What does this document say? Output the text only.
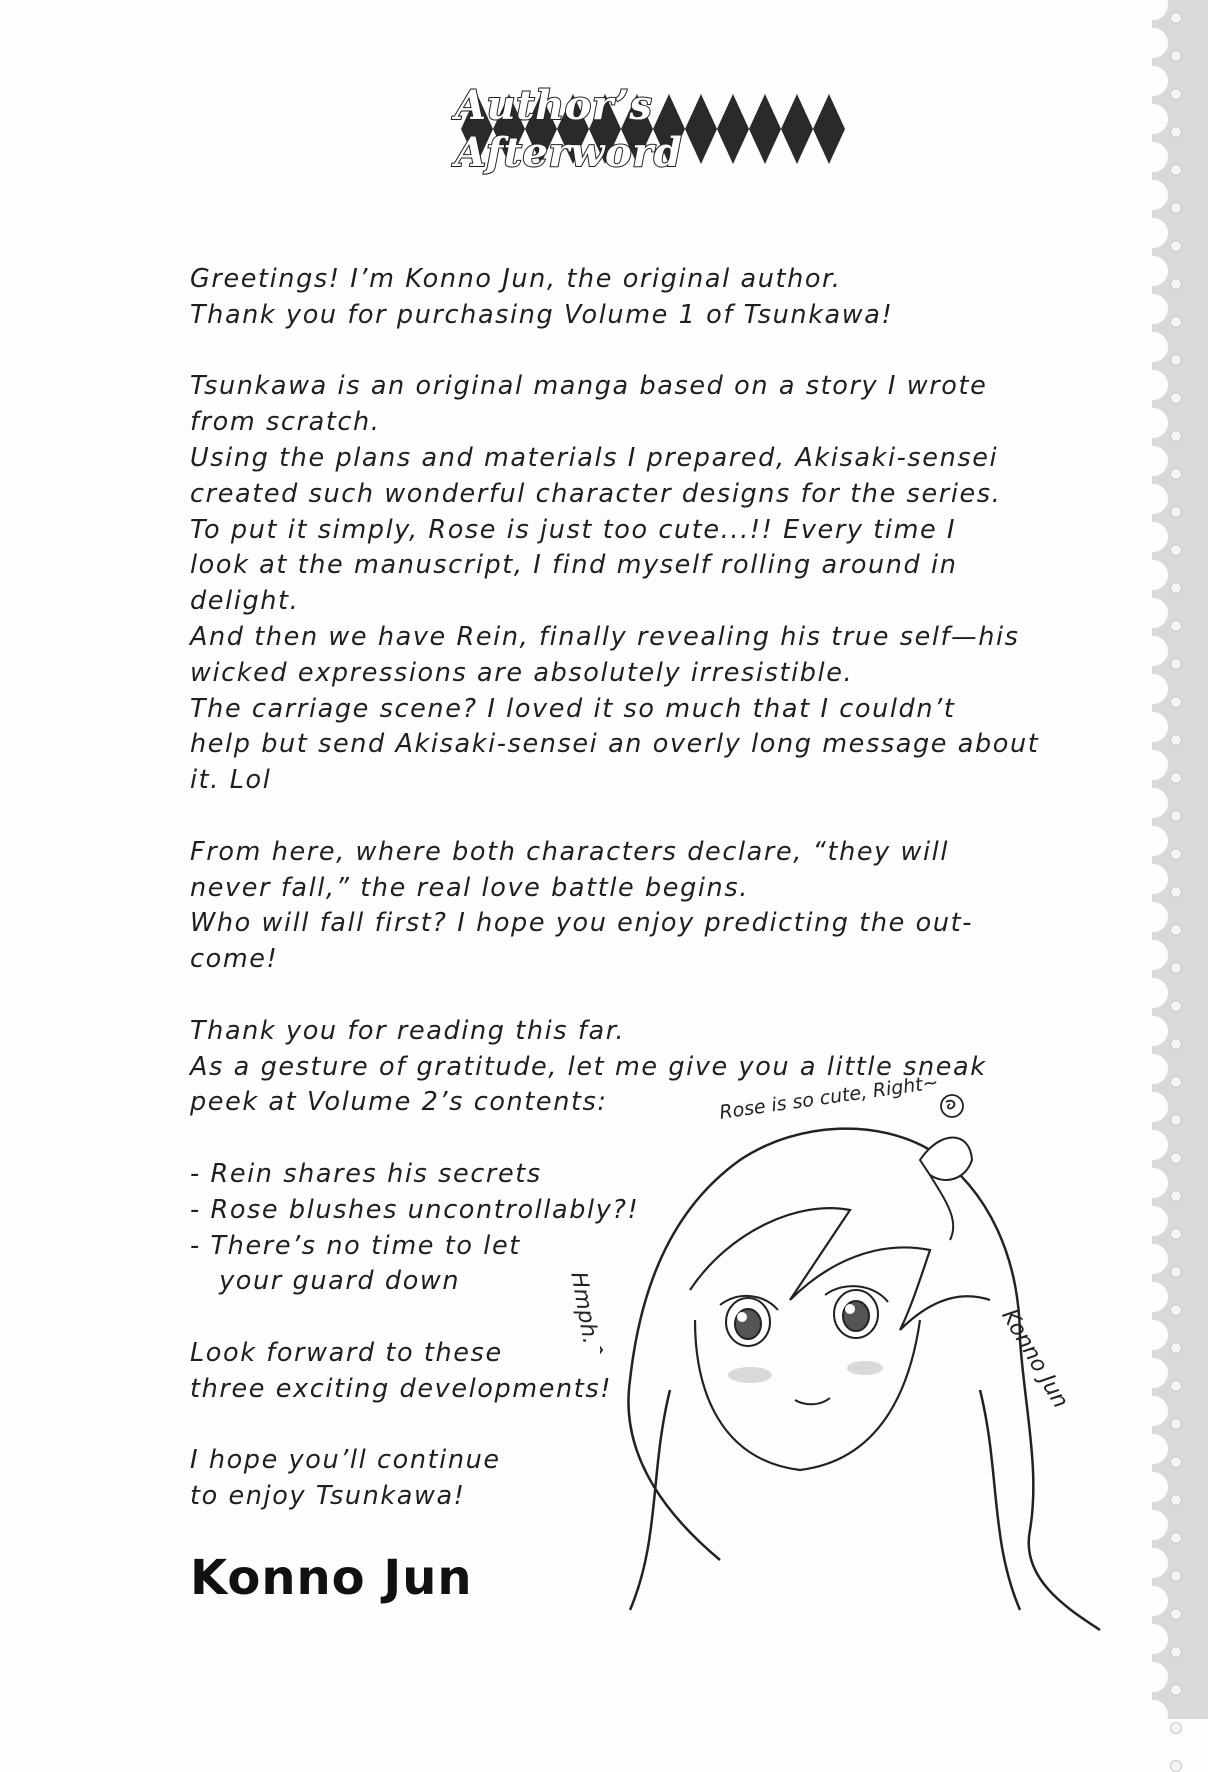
Author’s Afterword
Greetings! I’m Konno Jun, the original author.
Thank you for purchasing Volume 1 of Tsunkawa!
Tsunkawa is an original manga based on a story I wrote
from scratch.
Using the plans and materials I prepared, Akisaki-sensei
created such wonderful character designs for the series.
To put it simply, Rose is just too cute...!! Every time I
look at the manuscript, I find myself rolling around in
delight.
And then we have Rein, finally revealing his true self—his
wicked expressions are absolutely irresistible.
The carriage scene? I loved it so much that I couldn’t
help but send Akisaki-sensei an overly long message about
it. Lol
From here, where both characters declare, “they will
never fall,” the real love battle begins.
Who will fall first? I hope you enjoy predicting the out-
come!
Thank you for reading this far.
As a gesture of gratitude, let me give you a little sneak
peek at Volume 2’s contents:
- Rein shares his secrets
- Rose blushes uncontrollably?!
- There’s no time to let
your guard down
Look forward to these
three exciting developments!
I hope you’ll continue
to enjoy Tsunkawa!
Rose is so cute, Right~
Hmph.	Konno Jun
Konno Jun
